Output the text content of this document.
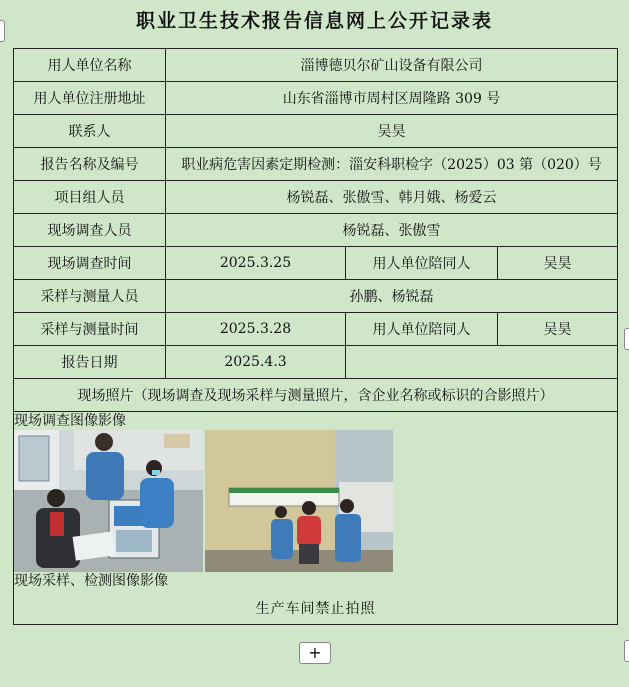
职业卫生技术报告信息网上公开记录表
用人单位名称	淄博德贝尔矿山设备有限公司		
用人单位注册地址	山东省淄博市周村区周隆路 309 号		
联系人	吴昊		
报告名称及编号	职业病危害因素定期检测：淄安科职检字（2025）03 第（020）号		
项目组人员	杨锐磊、张傲雪、韩月娥、杨爱云		
现场调查人员	杨锐磊、张傲雪		
现场调查时间	2025.3.25	用人单位陪同人	吴昊
采样与测量人员	孙鹏、杨锐磊		
采样与测量时间	2025.3.28	用人单位陪同人	吴昊
报告日期	2025.4.3		
现场照片（现场调查及现场采样与测量照片，含企业名称或标识的合影照片）			

现场调查图像影像
现场采样、检测图像影像
生产车间禁止拍照			
+
